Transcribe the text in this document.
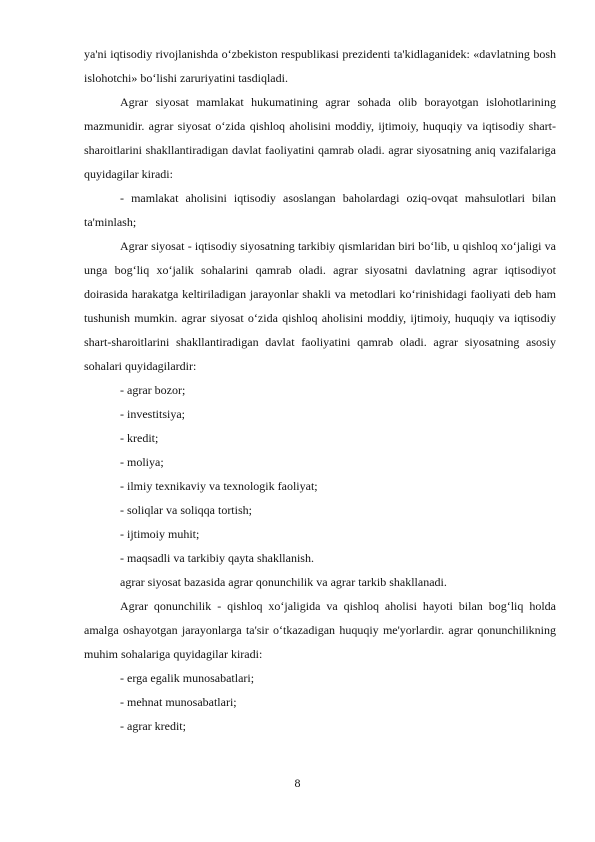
ya'ni iqtisodiy rivojlanishda o‘zbekiston respublikasi prezidenti ta'kidlaganidek: «davlatning bosh islohotchi» bo‘lishi zaruriyatini tasdiqladi.

Agrar siyosat mamlakat hukumatining agrar sohada olib borayotgan islohotlarining mazmunidir. agrar siyosat o‘zida qishloq aholisini moddiy, ijtimoiy, huquqiy va iqtisodiy shart-sharoitlarini shakllantiradigan davlat faoliyatini qamrab oladi. agrar siyosatning aniq vazifalariga quyidagilar kiradi:

- mamlakat aholisini iqtisodiy asoslangan baholardagi oziq-ovqat mahsulotlari bilan ta'minlash;

Agrar siyosat - iqtisodiy siyosatning tarkibiy qismlaridan biri bo‘lib, u qishloq xo‘jaligi va unga bog‘liq xo‘jalik sohalarini qamrab oladi. agrar siyosatni davlatning agrar iqtisodiyot doirasida harakatga keltiriladigan jarayonlar shakli va metodlari ko‘rinishidagi faoliyati deb ham tushunish mumkin. agrar siyosat o‘zida qishloq aholisini moddiy, ijtimoiy, huquqiy va iqtisodiy shart-sharoitlarini shakllantiradigan davlat faoliyatini qamrab oladi. agrar siyosatning asosiy sohalari quyidagilardir:

- agrar bozor;

- investitsiya;

- kredit;

- moliya;

- ilmiy texnikaviy va texnologik faoliyat;

- soliqlar va soliqqa tortish;

- ijtimoiy muhit;

- maqsadli va tarkibiy qayta shakllanish.

agrar siyosat bazasida agrar qonunchilik va agrar tarkib shakllanadi.

Agrar qonunchilik - qishloq xo‘jaligida va qishloq aholisi hayoti bilan bog‘liq holda amalga oshayotgan jarayonlarga ta'sir o‘tkazadigan huquqiy me'yorlardir. agrar qonunchilikning muhim sohalariga quyidagilar kiradi:

- erga egalik munosabatlari;

- mehnat munosabatlari;

- agrar kredit;

8
